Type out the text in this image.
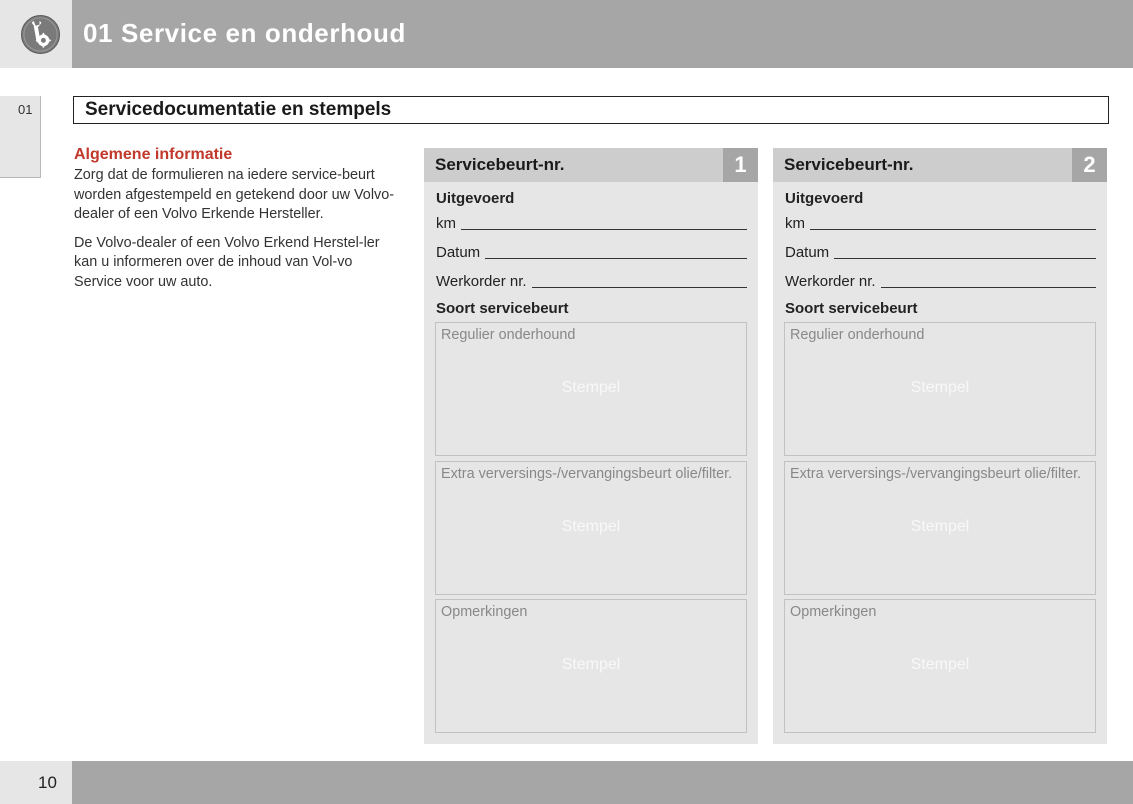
01 Service en onderhoud
01	Servicedocumentatie en stempels
Algemene informatie

Zorg dat de formulieren na iedere service-beurt worden afgestempeld en getekend door uw Volvo-dealer of een Volvo Erkende Hersteller.

De Volvo-dealer of een Volvo Erkend Herstel-ler kan u informeren over de inhoud van Vol-vo Service voor uw auto.

Servicebeurt-nr.	1
Uitgevoerd
km
Datum
Werkorder nr.
Soort servicebeurt
Regulier onderhound
Stempel
Extra verversings-/vervangingsbeurt olie/filter.
Stempel
Opmerkingen
Stempel
Servicebeurt-nr.	2
Uitgevoerd
km
Datum
Werkorder nr.
Soort servicebeurt
Regulier onderhound
Stempel
Extra verversings-/vervangingsbeurt olie/filter.
Stempel
Opmerkingen
Stempel
10
